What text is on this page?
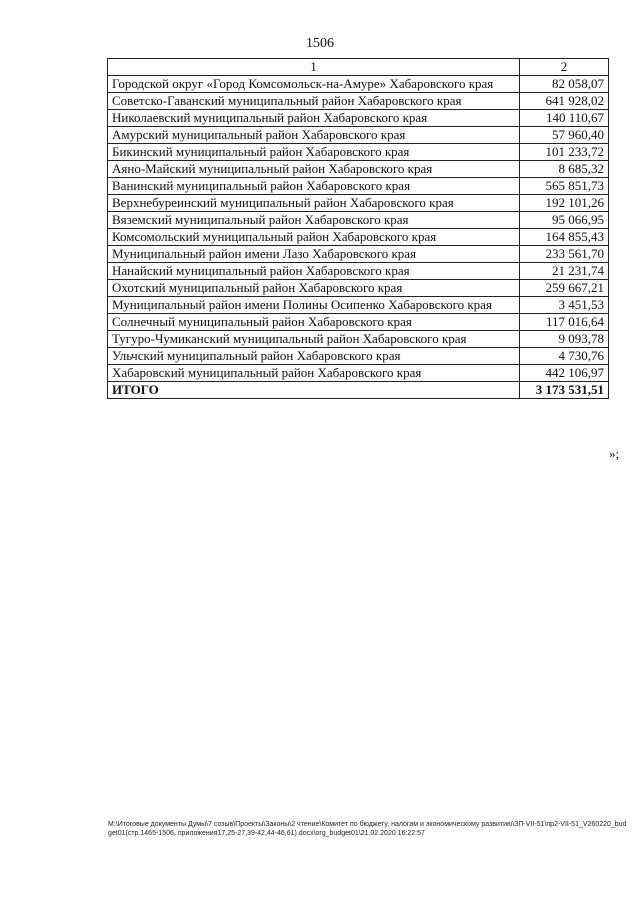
1506
1	2
Городской округ «Город Комсомольск-на-Амуре» Хабаровского края	82 058,07
Советско-Гаванский муниципальный район Хабаровского края	641 928,02
Николаевский муниципальный район Хабаровского края	140 110,67
Амурский муниципальный район Хабаровского края	57 960,40
Бикинский муниципальный район Хабаровского края	101 233,72
Аяно-Майский муниципальный район Хабаровского края	8 685,32
Ванинский муниципальный район Хабаровского края	565 851,73
Верхнебуреинский муниципальный район Хабаровского края	192 101,26
Вяземский муниципальный район Хабаровского края	95 066,95
Комсомольский муниципальный район Хабаровского края	164 855,43
Муниципальный район имени Лазо Хабаровского края	233 561,70
Нанайский муниципальный район Хабаровского края	21 231,74
Охотский муниципальный район Хабаровского края	259 667,21
Муниципальный район имени Полины Осипенко Хабаровского края	3 451,53
Солнечный муниципальный район Хабаровского края	117 016,64
Тугуро-Чумиканский муниципальный район Хабаровского края	9 093,78
Ульчский муниципальный район Хабаровского края	4 730,76
Хабаровский муниципальный район Хабаровского края	442 106,97
ИТОГО	3 173 531,51
»;
M:\Итоговые документы Думы\7 созыв\Проекты\Законы\2 чтение\Комитет по бюджету, налогам и экономическому развитию\ЗП-VII-51\пр2-VII-51_V260220_budget01(стр.1465-1506, приложения17,25-27,39-42,44-46,61).docx\org_budget01\21.02.2020 16:22:57
